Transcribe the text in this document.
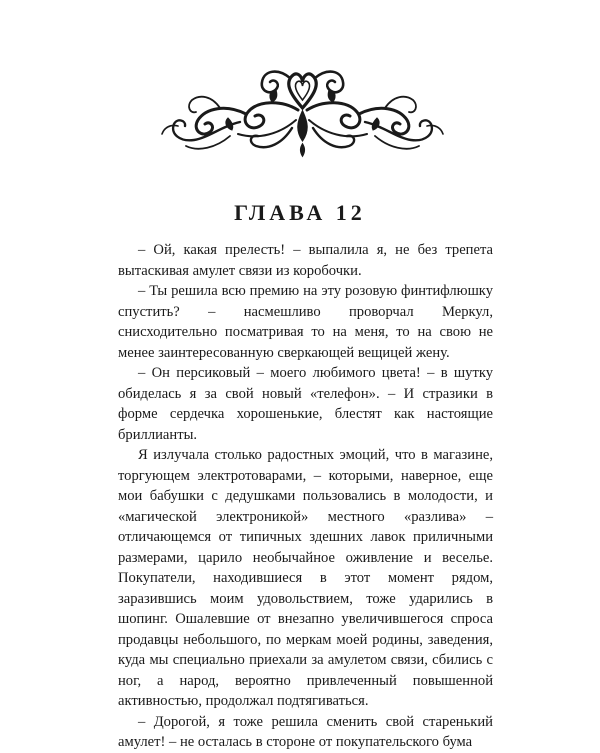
ГЛАВА 12

– Ой, какая прелесть! – выпалила я, не без трепета вытаскивая амулет связи из коробочки.

– Ты решила всю премию на эту розовую финтифлюшку спустить? – насмешливо проворчал Меркул, снисходительно посматривая то на меня, то на свою не менее заинтересованную сверкающей вещицей жену.

– Он персиковый – моего любимого цвета! – в шутку обиделась я за свой новый «телефон». – И стразики в форме сердечка хорошенькие, блестят как настоящие бриллианты.

Я излучала столько радостных эмоций, что в магазине, торгующем электротоварами, – которыми, наверное, еще мои бабушки с дедушками пользовались в молодости, и «магической электроникой» местного «разлива» – отличающемся от типичных здешних лавок приличными размерами, царило необычайное оживление и веселье. Покупатели, находившиеся в этот момент рядом, заразившись моим удовольствием, тоже ударились в шопинг. Ошалевшие от внезапно увеличившегося спроса продавцы небольшого, по меркам моей родины, заведения, куда мы специально приехали за амулетом связи, сбились с ног, а народ, вероятно привлеченный повышенной активностью, продолжал подтягиваться.

– Дорогой, я тоже решила сменить свой старенький амулет! – не осталась в стороне от покупательского бума
